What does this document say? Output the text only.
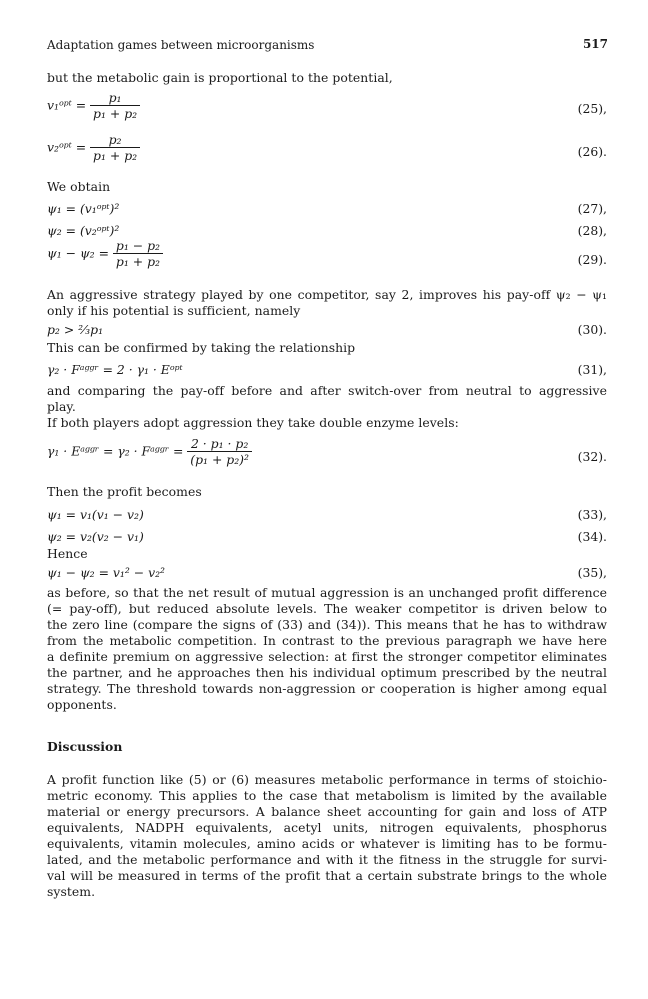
Adaptation games between microorganisms	517
but the metabolic gain is proportional to the potential,
v₁ᵒᵖᵗ = $\frac{\text{p₁}}{\text{p₁ + p₂}}$	(25),
v₂ᵒᵖᵗ = $\frac{\text{p₂}}{\text{p₁ + p₂}}$	(26).
We obtain
ψ₁ = (v₁ᵒᵖᵗ)²	(27),
ψ₂ = (v₂ᵒᵖᵗ)²	(28),
$\psi_1 - \psi_2 = \frac{\text{p₁ − p₂}}{\text{p₁ + p₂}}$	(29).
An aggressive strategy played by one competitor, say 2, improves his pay-off ψ₂ − ψ₁
only if his potential is sufficient, namely
p₂ > ⅔p₁	(30).
This can be confirmed by taking the relationship
γ₂ · Fᵃᵍᵍʳ = 2 · γ₁ · Eᵒᵖᵗ	(31),
and comparing the pay-off before and after switch-over from neutral to aggressive
play.
If both players adopt aggression they take double enzyme levels:
γ₁ · Eᵃᵍᵍʳ = γ₂ · Fᵃᵍᵍʳ = $\frac{\text{2 · p₁ · p₂}}{\text{(p₁ + p₂)²}}$	(32).
Then the profit becomes
ψ₁ = v₁(v₁ − v₂)	(33),
ψ₂ = v₂(v₂ − v₁)	(34).
Hence
ψ₁ − ψ₂ = v₁² − v₂²	(35),
as before, so that the net result of mutual aggression is an unchanged profit difference
(= pay-off), but reduced absolute levels. The weaker competitor is driven below to
the zero line (compare the signs of (33) and (34)). This means that he has to withdraw
from the metabolic competition. In contrast to the previous paragraph we have here
a definite premium on aggressive selection: at first the stronger competitor eliminates
the partner, and he approaches then his individual optimum prescribed by the neutral
strategy. The threshold towards non-aggression or cooperation is higher among equal
opponents.
Discussion
A profit function like (5) or (6) measures metabolic performance in terms of stoichio-
metric economy. This applies to the case that metabolism is limited by the available
material or energy precursors. A balance sheet accounting for gain and loss of ATP
equivalents, NADPH equivalents, acetyl units, nitrogen equivalents, phosphorus
equivalents, vitamin molecules, amino acids or whatever is limiting has to be formu-
lated, and the metabolic performance and with it the fitness in the struggle for survi-
val will be measured in terms of the profit that a certain substrate brings to the whole
system.
